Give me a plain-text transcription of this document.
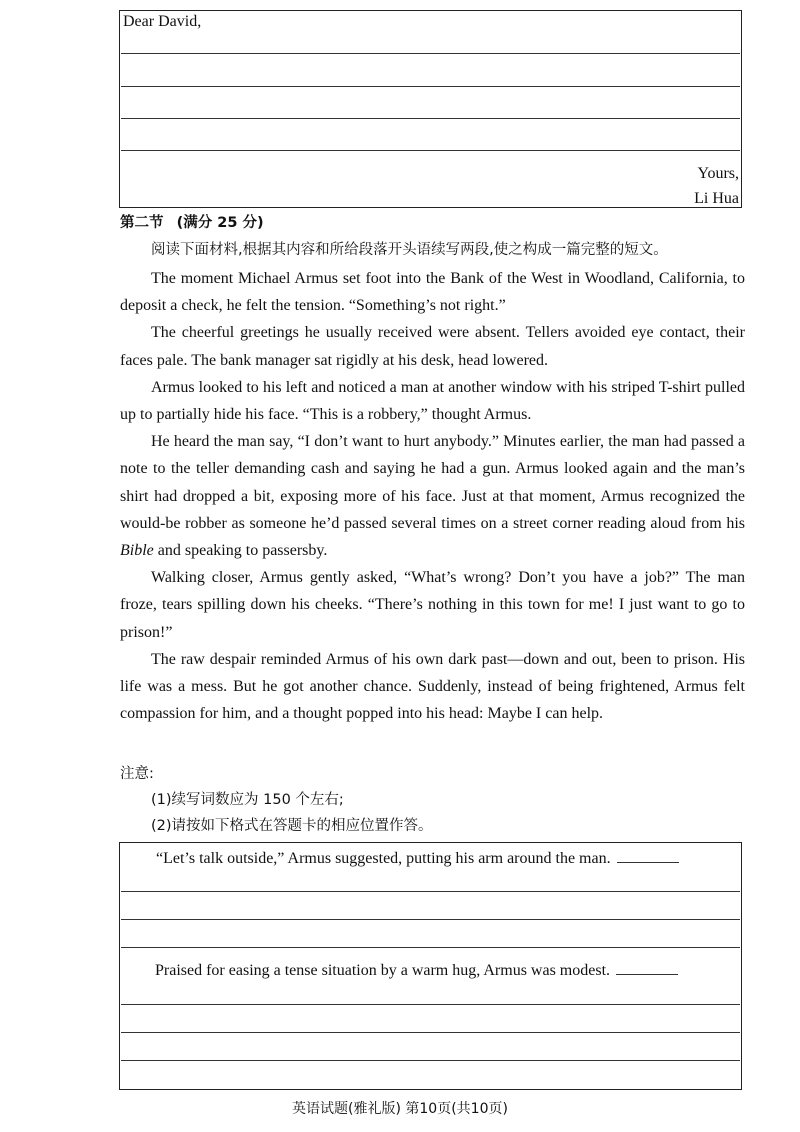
Dear David,
Yours,
Li Hua
第二节 (满分 25 分)
阅读下面材料,根据其内容和所给段落开头语续写两段,使之构成一篇完整的短文。

The moment Michael Armus set foot into the Bank of the West in Woodland, California, to deposit a check, he felt the tension. “Something’s not right.”

The cheerful greetings he usually received were absent. Tellers avoided eye contact, their faces pale. The bank manager sat rigidly at his desk, head lowered.

Armus looked to his left and noticed a man at another window with his striped T-shirt pulled up to partially hide his face. “This is a robbery,” thought Armus.

He heard the man say, “I don’t want to hurt anybody.” Minutes earlier, the man had passed a note to the teller demanding cash and saying he had a gun. Armus looked again and the man’s shirt had dropped a bit, exposing more of his face. Just at that moment, Armus recognized the would-be robber as someone he’d passed several times on a street corner reading aloud from his Bible and speaking to passersby.

Walking closer, Armus gently asked, “What’s wrong? Don’t you have a job?” The man froze, tears spilling down his cheeks. “There’s nothing in this town for me! I just want to go to prison!”

The raw despair reminded Armus of his own dark past—down and out, been to prison. His life was a mess. But he got another chance. Suddenly, instead of being frightened, Armus felt compassion for him, and a thought popped into his head: Maybe I can help.

注意:
(1)续写词数应为 150 个左右;
(2)请按如下格式在答题卡的相应位置作答。
“Let’s talk outside,” Armus suggested, putting his arm around the man.
Praised for easing a tense situation by a warm hug, Armus was modest.
英语试题(雅礼版) 第10页(共10页)
